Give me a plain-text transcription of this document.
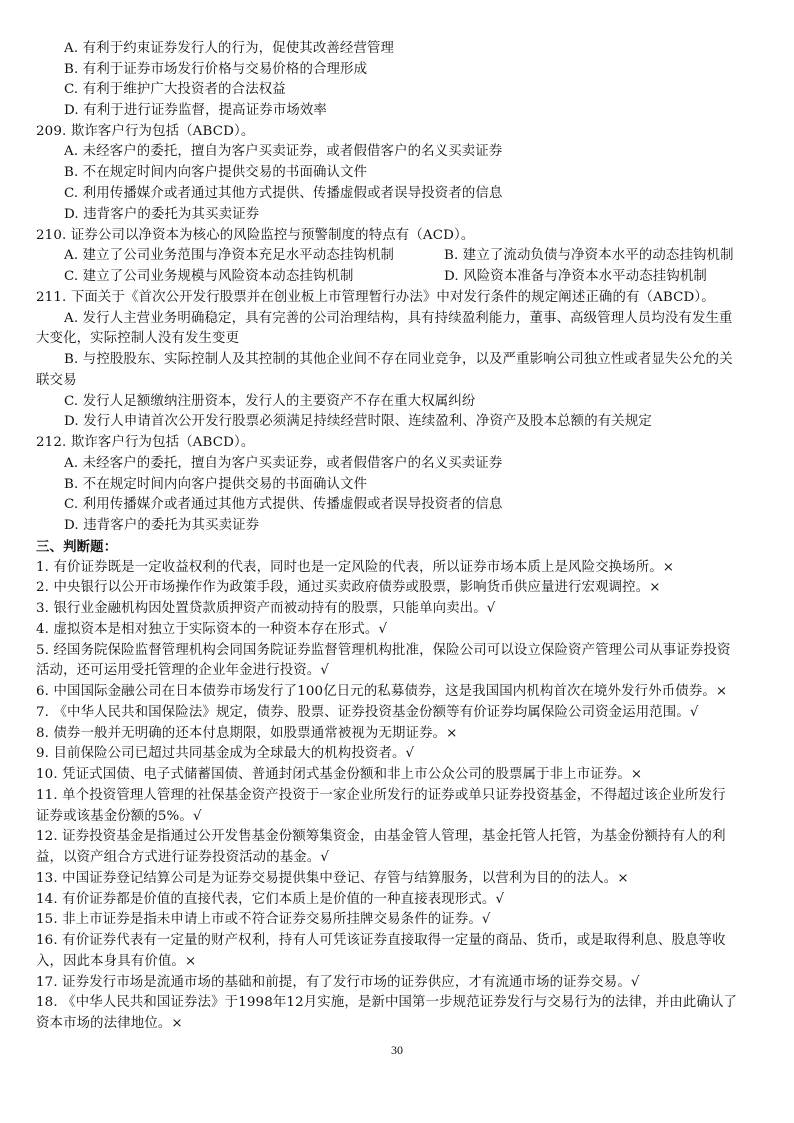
A. 有利于约束证券发行人的行为，促使其改善经营管理
B. 有利于证券市场发行价格与交易价格的合理形成
C. 有利于维护广大投资者的合法权益
D. 有利于进行证券监督，提高证券市场效率
209. 欺诈客户行为包括（ABCD）。
A. 未经客户的委托，擅自为客户买卖证券，或者假借客户的名义买卖证券
B. 不在规定时间内向客户提供交易的书面确认文件
C. 利用传播媒介或者通过其他方式提供、传播虚假或者误导投资者的信息
D. 违背客户的委托为其买卖证券
210. 证券公司以净资本为核心的风险监控与预警制度的特点有（ACD）。
A. 建立了公司业务范围与净资本充足水平动态挂钩机制	B. 建立了流动负债与净资本水平的动态挂钩机制
C. 建立了公司业务规模与风险资本动态挂钩机制	D. 风险资本准备与净资本水平动态挂钩机制
211. 下面关于《首次公开发行股票并在创业板上市管理暂行办法》中对发行条件的规定阐述正确的有（ABCD）。
A. 发行人主营业务明确稳定，具有完善的公司治理结构，具有持续盈利能力，董事、高级管理人员均没有发生重
大变化，实际控制人没有发生变更
B. 与控股股东、实际控制人及其控制的其他企业间不存在同业竞争，以及严重影响公司独立性或者显失公允的关
联交易
C. 发行人足额缴纳注册资本，发行人的主要资产不存在重大权属纠纷
D. 发行人申请首次公开发行股票必须满足持续经营时限、连续盈利、净资产及股本总额的有关规定
212. 欺诈客户行为包括（ABCD）。
A. 未经客户的委托，擅自为客户买卖证券，或者假借客户的名义买卖证券
B. 不在规定时间内向客户提供交易的书面确认文件
C. 利用传播媒介或者通过其他方式提供、传播虚假或者误导投资者的信息
D. 违背客户的委托为其买卖证券
三、判断题：
1. 有价证券既是一定收益权利的代表，同时也是一定风险的代表，所以证券市场本质上是风险交换场所。×
2. 中央银行以公开市场操作作为政策手段，通过买卖政府债券或股票，影响货币供应量进行宏观调控。×
3. 银行业金融机构因处置贷款质押资产而被动持有的股票，只能单向卖出。√
4. 虚拟资本是相对独立于实际资本的一种资本存在形式。√
5. 经国务院保险监督管理机构会同国务院证券监督管理机构批准，保险公司可以设立保险资产管理公司从事证券投资
活动，还可运用受托管理的企业年金进行投资。√
6. 中国国际金融公司在日本债券市场发行了100亿日元的私募债券，这是我国国内机构首次在境外发行外币债券。×
7. 《中华人民共和国保险法》规定，债券、股票、证券投资基金份额等有价证券均属保险公司资金运用范围。√
8. 债券一般并无明确的还本付息期限，如股票通常被视为无期证券。×
9. 目前保险公司已超过共同基金成为全球最大的机构投资者。√
10. 凭证式国债、电子式储蓄国债、普通封闭式基金份额和非上市公众公司的股票属于非上市证券。×
11. 单个投资管理人管理的社保基金资产投资于一家企业所发行的证券或单只证券投资基金，不得超过该企业所发行
证券或该基金份额的5%。√
12. 证券投资基金是指通过公开发售基金份额筹集资金，由基金管人管理，基金托管人托管，为基金份额持有人的利
益，以资产组合方式进行证券投资活动的基金。√
13. 中国证券登记结算公司是为证券交易提供集中登记、存管与结算服务，以营利为目的的法人。×
14. 有价证券都是价值的直接代表，它们本质上是价值的一种直接表现形式。√
15. 非上市证券是指未申请上市或不符合证券交易所挂牌交易条件的证券。√
16. 有价证券代表有一定量的财产权利，持有人可凭该证券直接取得一定量的商品、货币，或是取得利息、股息等收
入，因此本身具有价值。×
17. 证券发行市场是流通市场的基础和前提，有了发行市场的证券供应，才有流通市场的证券交易。√
18. 《中华人民共和国证券法》于1998年12月实施，是新中国第一步规范证券发行与交易行为的法律，并由此确认了
资本市场的法律地位。×
30
